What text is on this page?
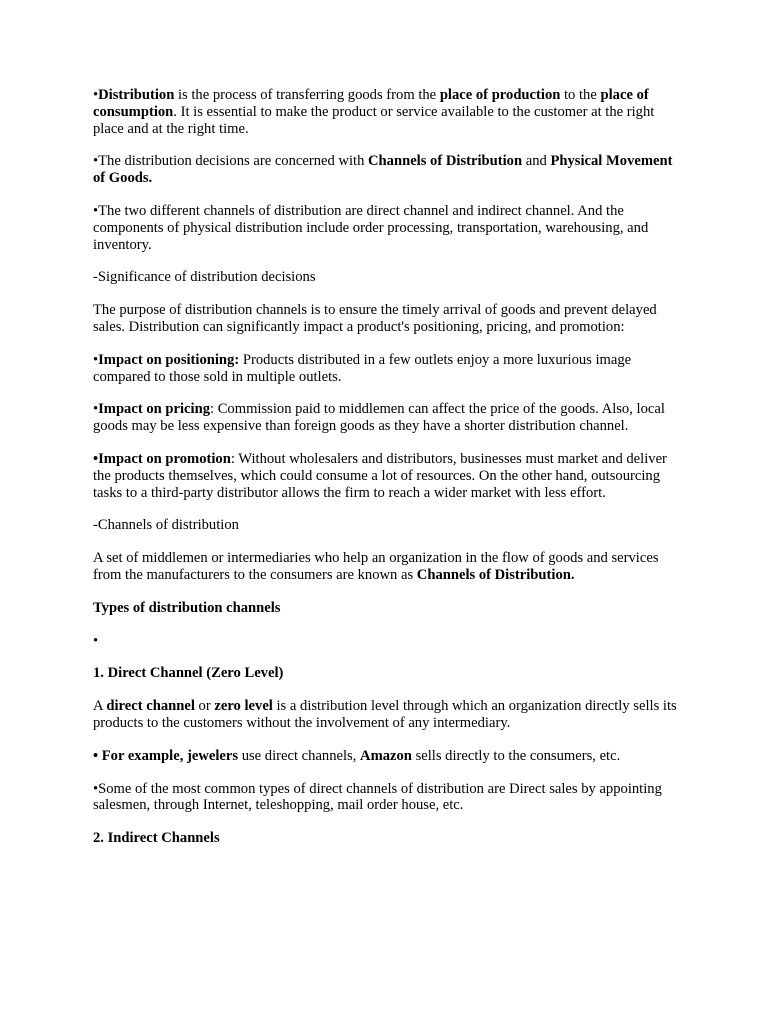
•Distribution is the process of transferring goods from the place of production to the place of consumption. It is essential to make the product or service available to the customer at the right place and at the right time.

•The distribution decisions are concerned with Channels of Distribution and Physical Movement of Goods.

•The two different channels of distribution are direct channel and indirect channel. And the components of physical distribution include order processing, transportation, warehousing, and inventory.

-Significance of distribution decisions

The purpose of distribution channels is to ensure the timely arrival of goods and prevent delayed sales. Distribution can significantly impact a product's positioning, pricing, and promotion:

•Impact on positioning: Products distributed in a few outlets enjoy a more luxurious image compared to those sold in multiple outlets.

•Impact on pricing: Commission paid to middlemen can affect the price of the goods. Also, local goods may be less expensive than foreign goods as they have a shorter distribution channel.

•Impact on promotion: Without wholesalers and distributors, businesses must market and deliver the products themselves, which could consume a lot of resources. On the other hand, outsourcing tasks to a third-party distributor allows the firm to reach a wider market with less effort.

-Channels of distribution

A set of middlemen or intermediaries who help an organization in the flow of goods and services from the manufacturers to the consumers are known as Channels of Distribution.

Types of distribution channels

•

1. Direct Channel (Zero Level)

A direct channel or zero level is a distribution level through which an organization directly sells its products to the customers without the involvement of any intermediary.

• For example, jewelers use direct channels, Amazon sells directly to the consumers, etc.

•Some of the most common types of direct channels of distribution are Direct sales by appointing salesmen, through Internet, teleshopping, mail order house, etc.

2. Indirect Channels
